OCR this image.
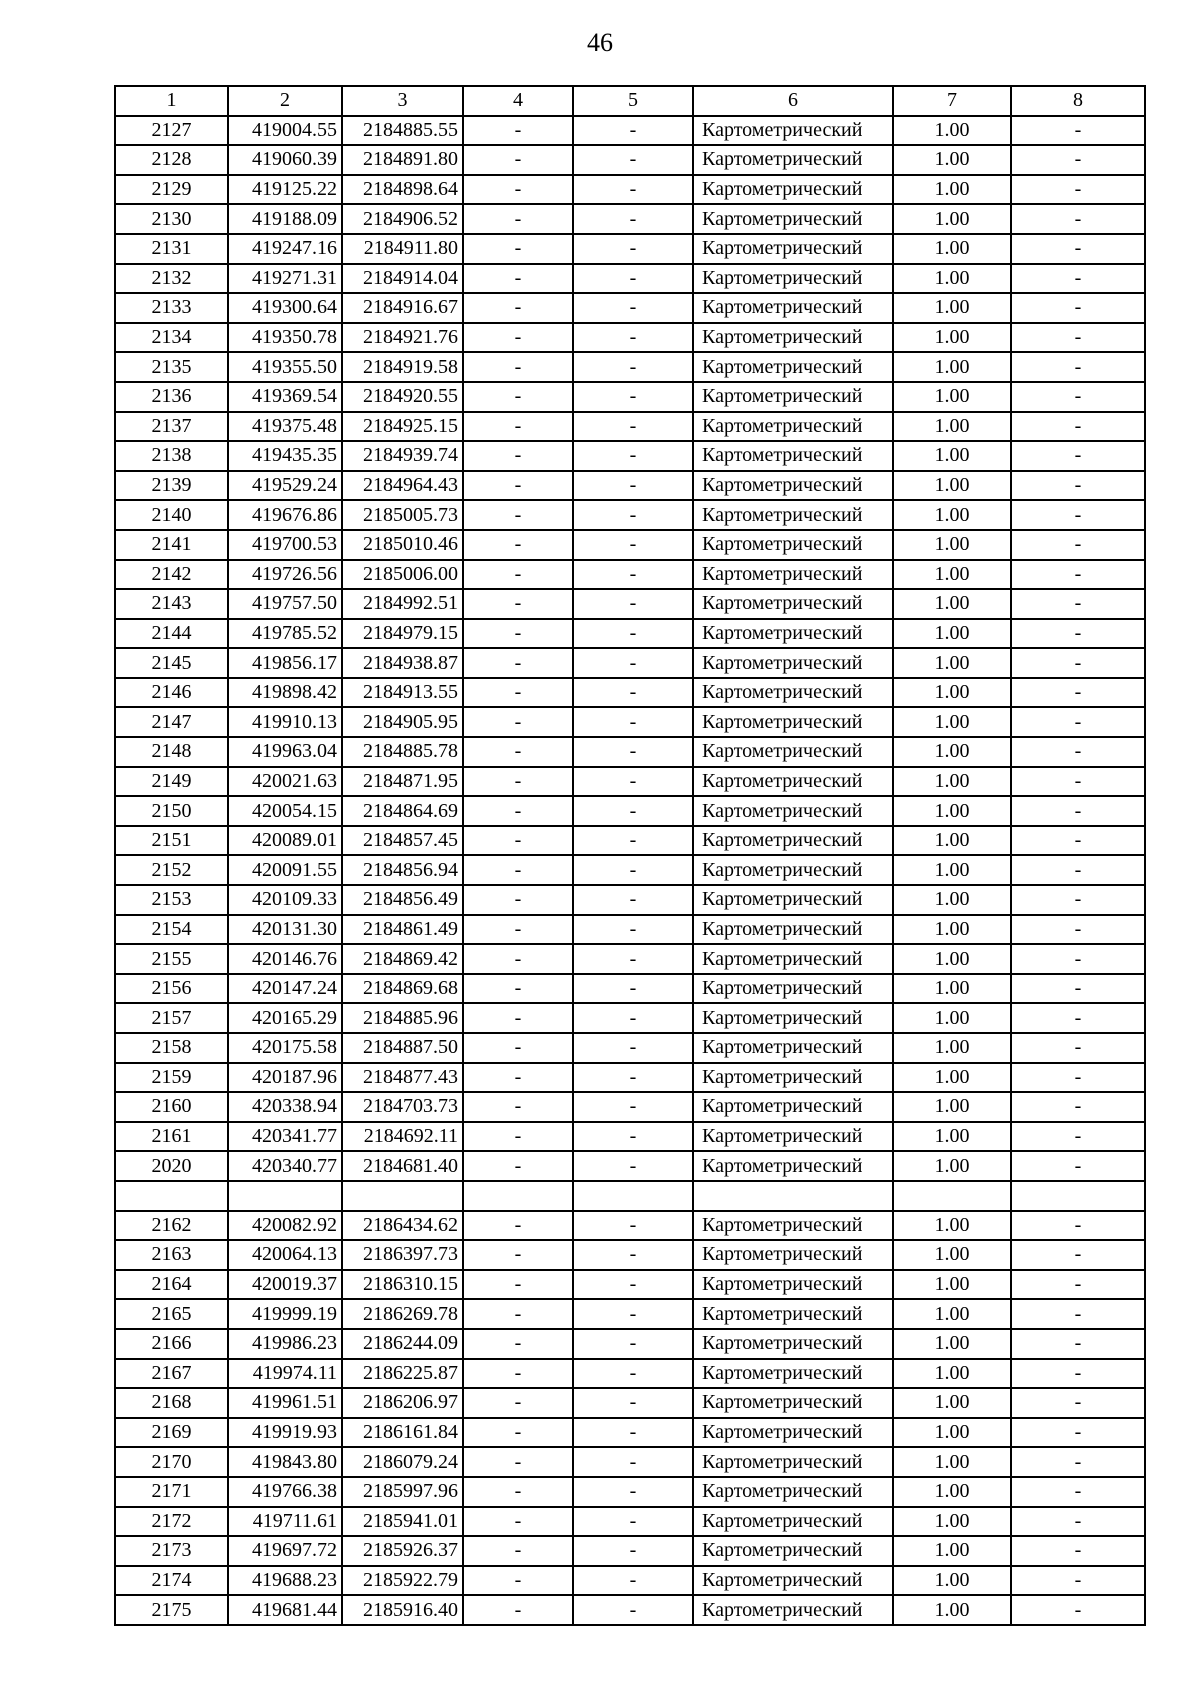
46
1	2	3	4	5	6	7	8
2127	419004.55	2184885.55	-	-	Картометрический	1.00	-
2128	419060.39	2184891.80	-	-	Картометрический	1.00	-
2129	419125.22	2184898.64	-	-	Картометрический	1.00	-
2130	419188.09	2184906.52	-	-	Картометрический	1.00	-
2131	419247.16	2184911.80	-	-	Картометрический	1.00	-
2132	419271.31	2184914.04	-	-	Картометрический	1.00	-
2133	419300.64	2184916.67	-	-	Картометрический	1.00	-
2134	419350.78	2184921.76	-	-	Картометрический	1.00	-
2135	419355.50	2184919.58	-	-	Картометрический	1.00	-
2136	419369.54	2184920.55	-	-	Картометрический	1.00	-
2137	419375.48	2184925.15	-	-	Картометрический	1.00	-
2138	419435.35	2184939.74	-	-	Картометрический	1.00	-
2139	419529.24	2184964.43	-	-	Картометрический	1.00	-
2140	419676.86	2185005.73	-	-	Картометрический	1.00	-
2141	419700.53	2185010.46	-	-	Картометрический	1.00	-
2142	419726.56	2185006.00	-	-	Картометрический	1.00	-
2143	419757.50	2184992.51	-	-	Картометрический	1.00	-
2144	419785.52	2184979.15	-	-	Картометрический	1.00	-
2145	419856.17	2184938.87	-	-	Картометрический	1.00	-
2146	419898.42	2184913.55	-	-	Картометрический	1.00	-
2147	419910.13	2184905.95	-	-	Картометрический	1.00	-
2148	419963.04	2184885.78	-	-	Картометрический	1.00	-
2149	420021.63	2184871.95	-	-	Картометрический	1.00	-
2150	420054.15	2184864.69	-	-	Картометрический	1.00	-
2151	420089.01	2184857.45	-	-	Картометрический	1.00	-
2152	420091.55	2184856.94	-	-	Картометрический	1.00	-
2153	420109.33	2184856.49	-	-	Картометрический	1.00	-
2154	420131.30	2184861.49	-	-	Картометрический	1.00	-
2155	420146.76	2184869.42	-	-	Картометрический	1.00	-
2156	420147.24	2184869.68	-	-	Картометрический	1.00	-
2157	420165.29	2184885.96	-	-	Картометрический	1.00	-
2158	420175.58	2184887.50	-	-	Картометрический	1.00	-
2159	420187.96	2184877.43	-	-	Картометрический	1.00	-
2160	420338.94	2184703.73	-	-	Картометрический	1.00	-
2161	420341.77	2184692.11	-	-	Картометрический	1.00	-
2020	420340.77	2184681.40	-	-	Картометрический	1.00	-

2162	420082.92	2186434.62	-	-	Картометрический	1.00	-
2163	420064.13	2186397.73	-	-	Картометрический	1.00	-
2164	420019.37	2186310.15	-	-	Картометрический	1.00	-
2165	419999.19	2186269.78	-	-	Картометрический	1.00	-
2166	419986.23	2186244.09	-	-	Картометрический	1.00	-
2167	419974.11	2186225.87	-	-	Картометрический	1.00	-
2168	419961.51	2186206.97	-	-	Картометрический	1.00	-
2169	419919.93	2186161.84	-	-	Картометрический	1.00	-
2170	419843.80	2186079.24	-	-	Картометрический	1.00	-
2171	419766.38	2185997.96	-	-	Картометрический	1.00	-
2172	419711.61	2185941.01	-	-	Картометрический	1.00	-
2173	419697.72	2185926.37	-	-	Картометрический	1.00	-
2174	419688.23	2185922.79	-	-	Картометрический	1.00	-
2175	419681.44	2185916.40	-	-	Картометрический	1.00	-
